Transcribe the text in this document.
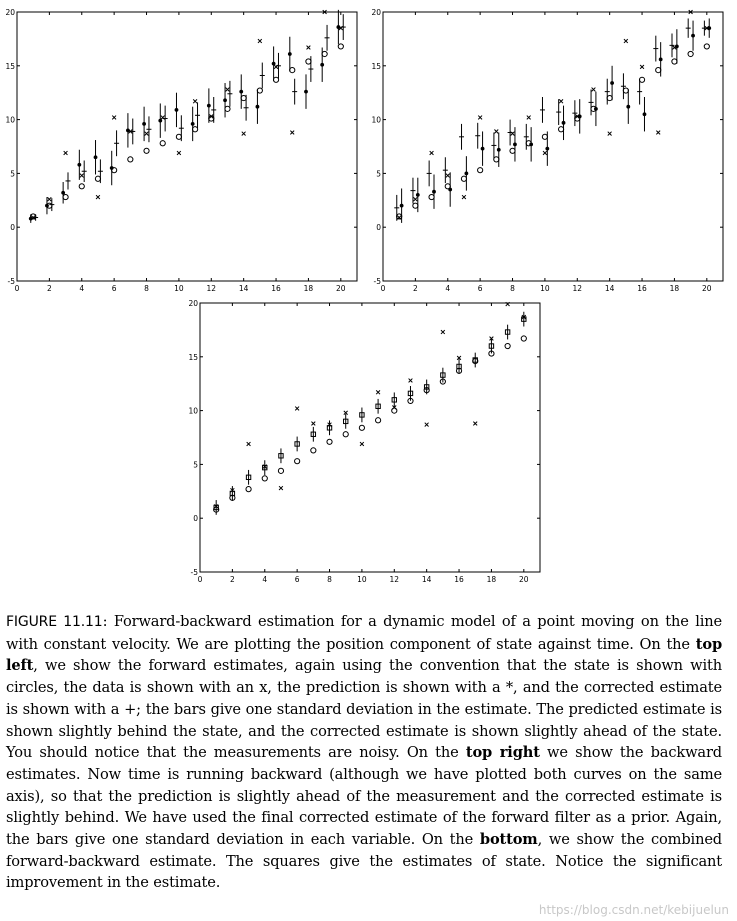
0	2	4	6	8	10	12	14	16	18	20
-5
0
5
10
15
20
0	2	4	6	8	10	12	14	16	18	20
-5
0
5
10
15
20
0	2	4	6	8	10	12	14	16	18	20
-5
0
5
10
15
20
FIGURE 11.11: Forward-backward estimation for a dynamic model of a point moving on the line with constant velocity. We are plotting the position component of state against time. On the top left, we show the forward estimates, again using the convention that the state is shown with circles, the data is shown with an x, the prediction is shown with a *, and the corrected estimate is shown with a +; the bars give one standard deviation in the estimate. The predicted estimate is shown slightly behind the state, and the corrected estimate is shown slightly ahead of the state. You should notice that the measurements are noisy. On the top right we show the backward estimates. Now time is running backward (although we have plotted both curves on the same axis), so that the prediction is slightly ahead of the measurement and the corrected estimate is slightly behind. We have used the final corrected estimate of the forward filter as a prior. Again, the bars give one standard deviation in each variable. On the bottom, we show the combined forward-backward estimate. The squares give the estimates of state. Notice the significant improvement in the estimate.
https://blog.csdn.net/kebijuelun
